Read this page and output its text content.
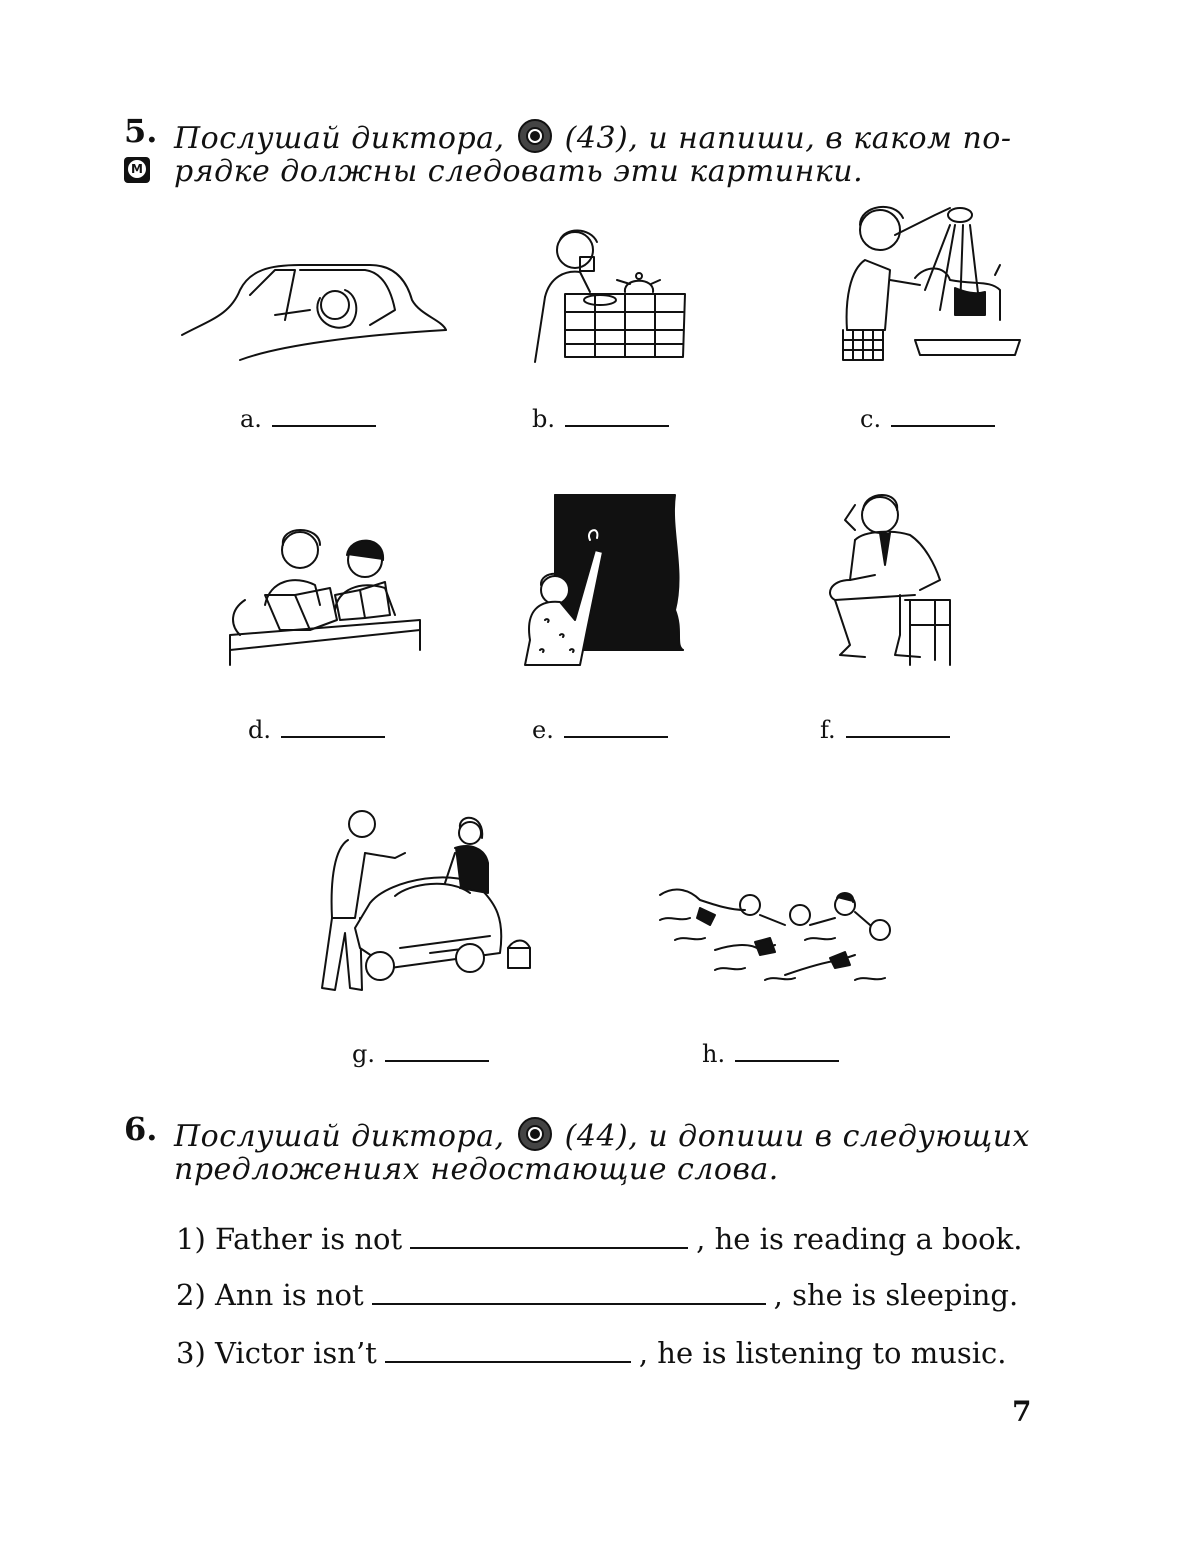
5. Послушай диктора, (43), и напиши, в каком по-
рядке должны следовать эти картинки.
M
a.	b.	c.
d.	e.	f.
g.	h.
6. Послушай диктора, (44), и допиши в следующих
предложениях недостающие слова.
1) Father is not	, he is reading a book.
2) Ann is not	, she is sleeping.
3) Victor isn’t	, he is listening to music.
7
